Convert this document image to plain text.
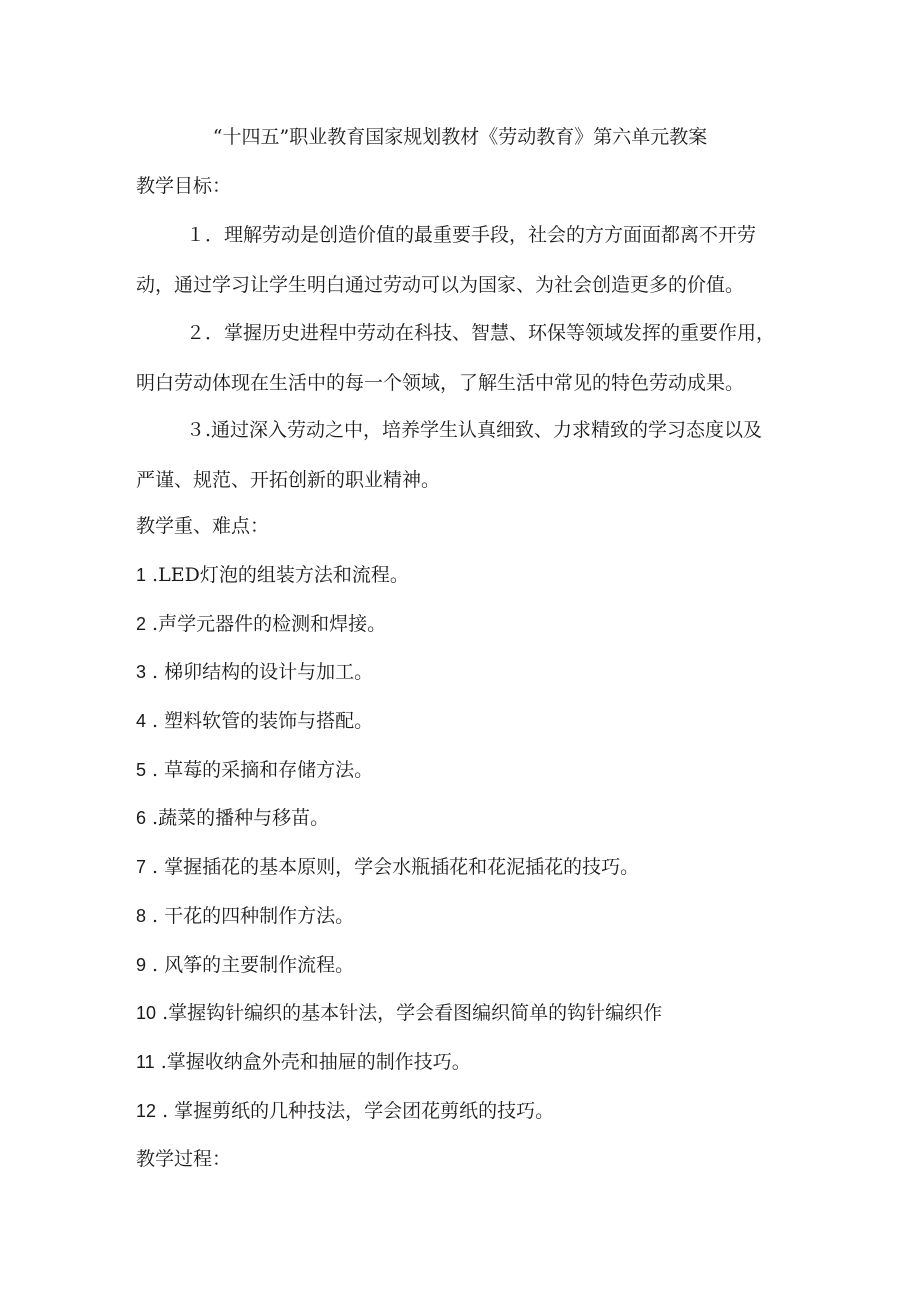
“十四五”职业教育国家规划教材《劳动教育》第六单元教案
教学目标：
１．理解劳动是创造价值的最重要手段，社会的方方面面都离不开劳
动，通过学习让学生明白通过劳动可以为国家、为社会创造更多的价值。
２．掌握历史进程中劳动在科技、智慧、环保等领域发挥的重要作用，
明白劳动体现在生活中的每一个领域，了解生活中常见的特色劳动成果。
３.通过深入劳动之中，培养学生认真细致、力求精致的学习态度以及
严谨、规范、开拓创新的职业精神。
教学重、难点：
1 .LED灯泡的组装方法和流程。
2 .声学元器件的检测和焊接。
3 . 梯卯结构的设计与加工。
4 . 塑料软管的装饰与搭配。
5 . 草莓的采摘和存储方法。
6 .蔬菜的播种与移苗。
7 . 掌握插花的基本原则，学会水瓶插花和花泥插花的技巧。
8 . 干花的四种制作方法。
9 . 风筝的主要制作流程。
10 .掌握钩针编织的基本针法，学会看图编织简单的钩针编织作
11 .掌握收纳盒外壳和抽屉的制作技巧。
12 . 掌握剪纸的几种技法，学会团花剪纸的技巧。
教学过程：
